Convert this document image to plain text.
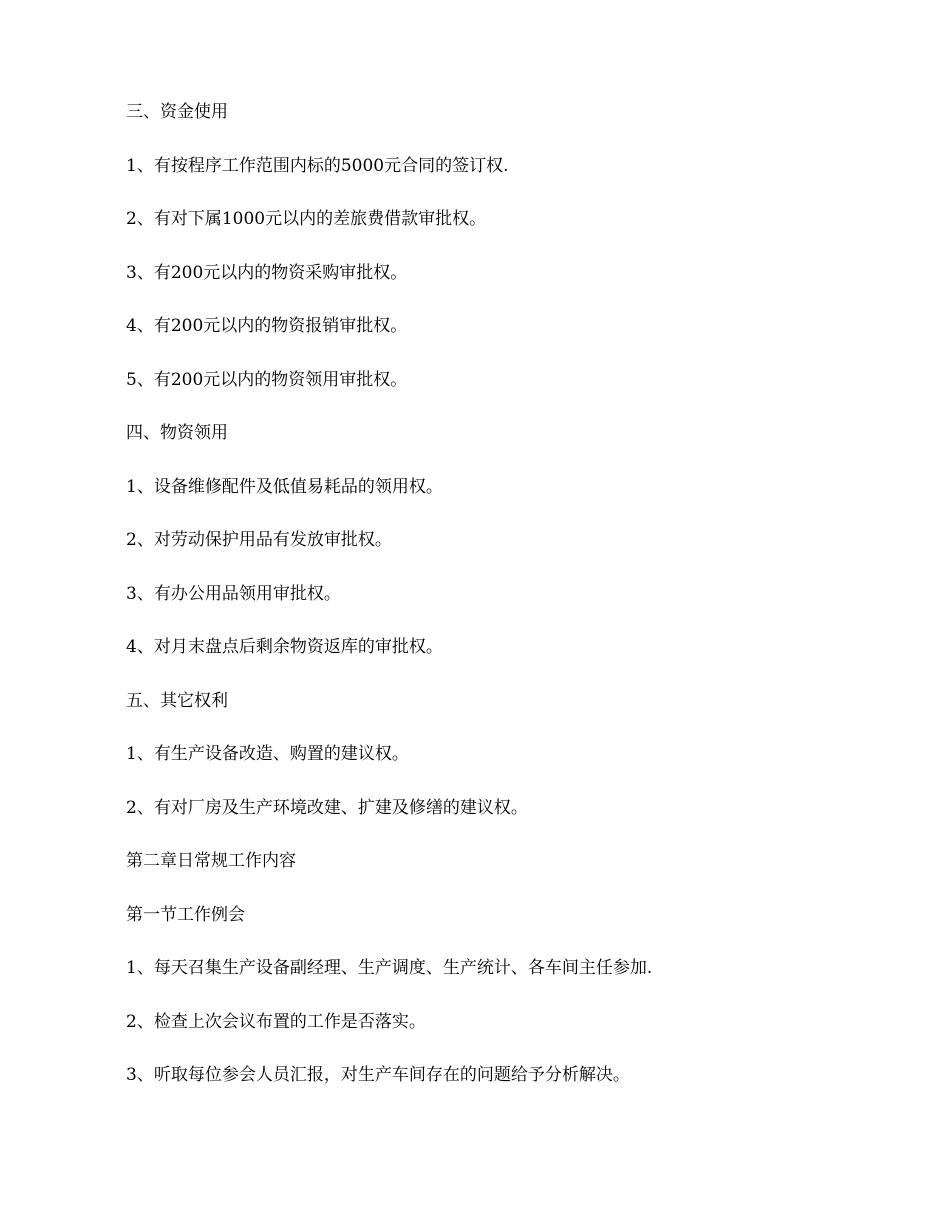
三、资金使用

1、有按程序工作范围内标的5000元合同的签订权.

2、有对下属1000元以内的差旅费借款审批权。

3、有200元以内的物资采购审批权。

4、有200元以内的物资报销审批权。

5、有200元以内的物资领用审批权。

四、物资领用

1、设备维修配件及低值易耗品的领用权。

2、对劳动保护用品有发放审批权。

3、有办公用品领用审批权。

4、对月末盘点后剩余物资返库的审批权。

五、其它权利

1、有生产设备改造、购置的建议权。

2、有对厂房及生产环境改建、扩建及修缮的建议权。

第二章日常规工作内容

第一节工作例会

1、每天召集生产设备副经理、生产调度、生产统计、各车间主任参加.

2、检查上次会议布置的工作是否落实。

3、听取每位参会人员汇报，对生产车间存在的问题给予分析解决。
